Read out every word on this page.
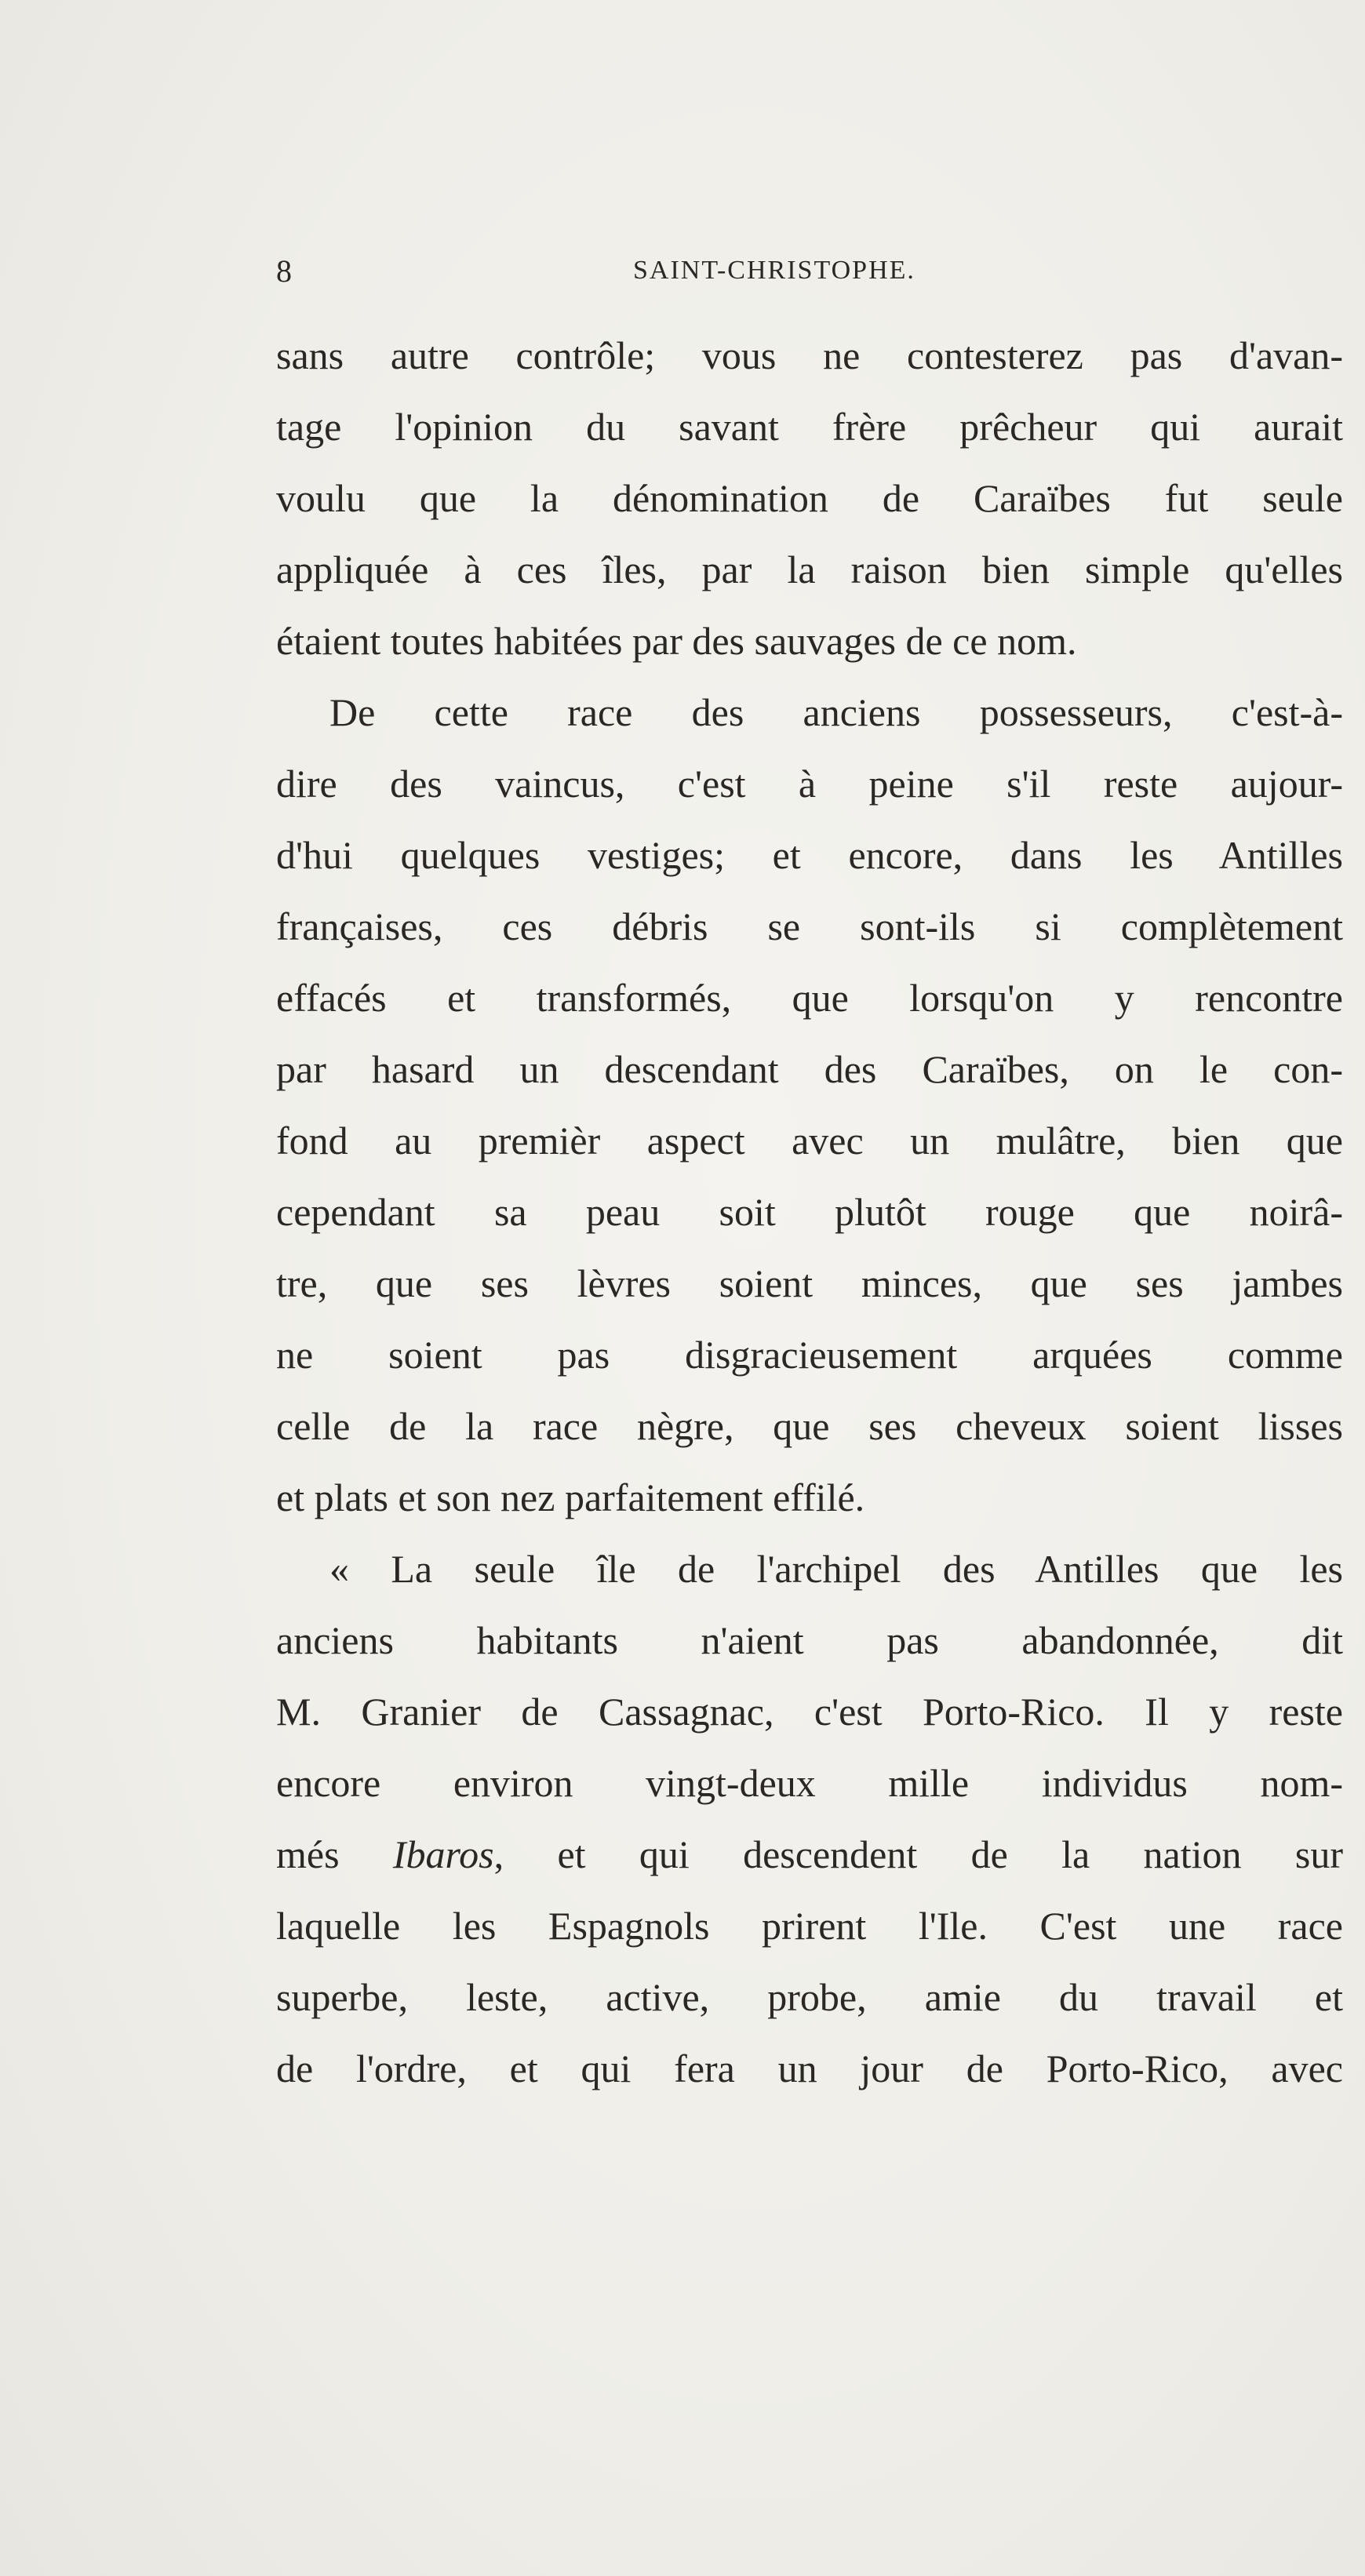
8	SAINT-CHRISTOPHE.
sans autre contrôle; vous ne contesterez pas d'avan-
tage l'opinion du savant frère prêcheur qui aurait
voulu que la dénomination de Caraïbes fut seule
appliquée à ces îles, par la raison bien simple qu'elles
étaient toutes habitées par des sauvages de ce nom.
De cette race des anciens possesseurs, c'est-à-
dire des vaincus, c'est à peine s'il reste aujour-
d'hui quelques vestiges; et encore, dans les Antilles
françaises, ces débris se sont-ils si complètement
effacés et transformés, que lorsqu'on y rencontre
par hasard un descendant des Caraïbes, on le con-
fond au premièr aspect avec un mulâtre, bien que
cependant sa peau soit plutôt rouge que noirâ-
tre, que ses lèvres soient minces, que ses jambes
ne soient pas disgracieusement arquées comme
celle de la race nègre, que ses cheveux soient lisses
et plats et son nez parfaitement effilé.
« La seule île de l'archipel des Antilles que les
anciens habitants n'aient pas abandonnée, dit
M. Granier de Cassagnac, c'est Porto-Rico. Il y reste
encore environ vingt-deux mille individus nom-
més Ibaros, et qui descendent de la nation sur
laquelle les Espagnols prirent l'Ile. C'est une race
superbe, leste, active, probe, amie du travail et
de l'ordre, et qui fera un jour de Porto-Rico, avec
